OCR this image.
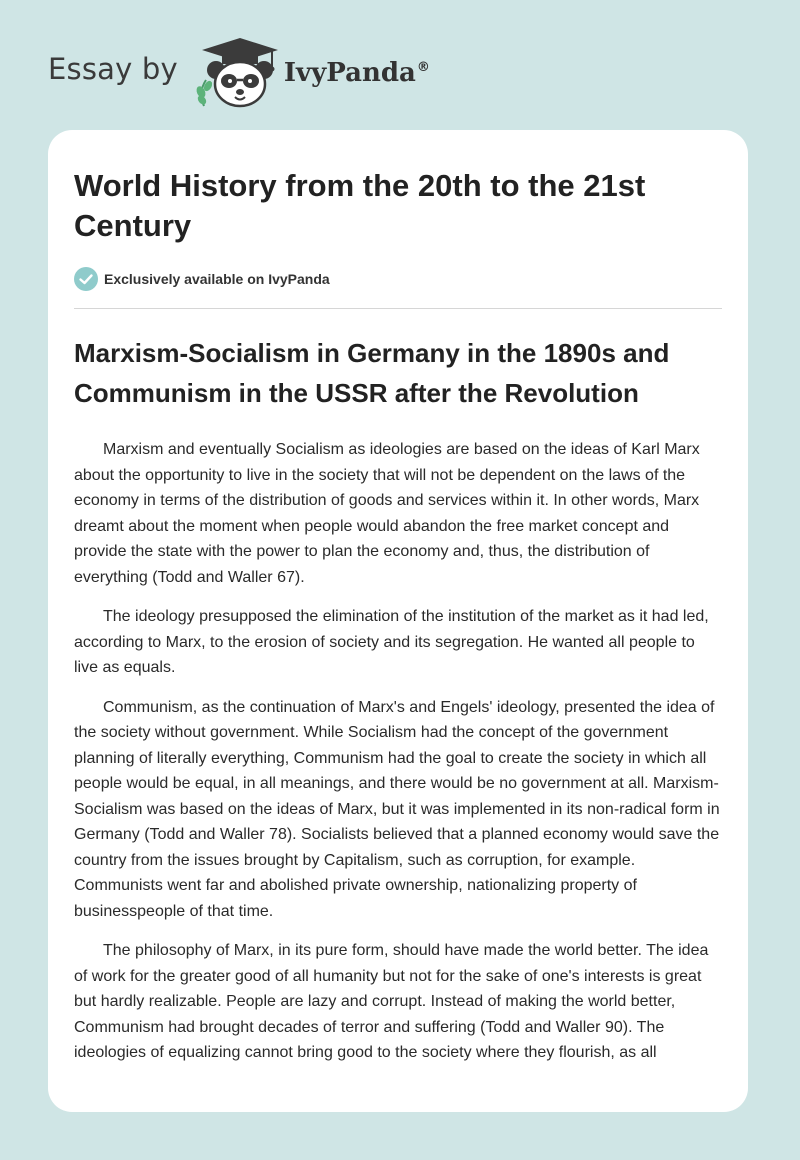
Essay by	IvyPanda®
World History from the 20th to the 21st Century
Exclusively available on IvyPanda
Marxism-Socialism in Germany in the 1890s and Communism in the USSR after the Revolution

Marxism and eventually Socialism as ideologies are based on the ideas of Karl Marx about the opportunity to live in the society that will not be dependent on the laws of the economy in terms of the distribution of goods and services within it. In other words, Marx dreamt about the moment when people would abandon the free market concept and provide the state with the power to plan the economy and, thus, the distribution of everything (Todd and Waller 67).

The ideology presupposed the elimination of the institution of the market as it had led, according to Marx, to the erosion of society and its segregation. He wanted all people to live as equals.

Communism, as the continuation of Marx's and Engels' ideology, presented the idea of the society without government. While Socialism had the concept of the government planning of literally everything, Communism had the goal to create the society in which all people would be equal, in all meanings, and there would be no government at all. Marxism-Socialism was based on the ideas of Marx, but it was implemented in its non-radical form in Germany (Todd and Waller 78). Socialists believed that a planned economy would save the country from the issues brought by Capitalism, such as corruption, for example. Communists went far and abolished private ownership, nationalizing property of businesspeople of that time.

The philosophy of Marx, in its pure form, should have made the world better. The idea of work for the greater good of all humanity but not for the sake of one's interests is great but hardly realizable. People are lazy and corrupt. Instead of making the world better, Communism had brought decades of terror and suffering (Todd and Waller 90). The ideologies of equalizing cannot bring good to the society where they flourish, as all
